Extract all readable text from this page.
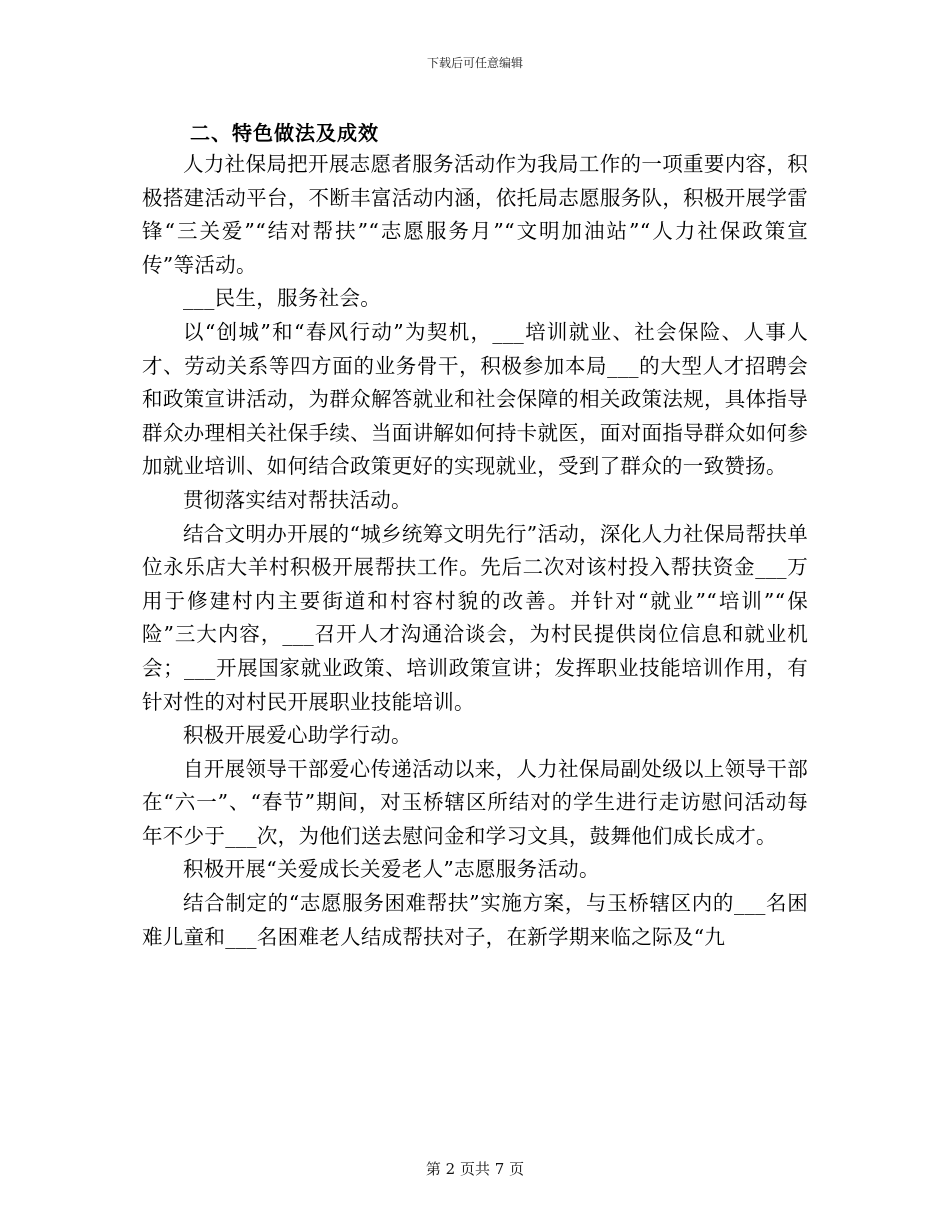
下载后可任意编辑
二、特色做法及成效

人力社保局把开展志愿者服务活动作为我局工作的一项重要内容，积极搭建活动平台，不断丰富活动内涵，依托局志愿服务队，积极开展学雷锋“三关爱”“结对帮扶”“志愿服务月”“文明加油站”“人力社保政策宣传”等活动。

___民生，服务社会。

以“创城”和“春风行动”为契机，___培训就业、社会保险、人事人才、劳动关系等四方面的业务骨干，积极参加本局___的大型人才招聘会和政策宣讲活动，为群众解答就业和社会保障的相关政策法规，具体指导群众办理相关社保手续、当面讲解如何持卡就医，面对面指导群众如何参加就业培训、如何结合政策更好的实现就业，受到了群众的一致赞扬。

贯彻落实结对帮扶活动。

结合文明办开展的“城乡统筹文明先行”活动，深化人力社保局帮扶单位永乐店大羊村积极开展帮扶工作。先后二次对该村投入帮扶资金___万用于修建村内主要街道和村容村貌的改善。并针对“就业”“培训”“保险”三大内容，___召开人才沟通洽谈会，为村民提供岗位信息和就业机会；___开展国家就业政策、培训政策宣讲；发挥职业技能培训作用，有针对性的对村民开展职业技能培训。

积极开展爱心助学行动。

自开展领导干部爱心传递活动以来，人力社保局副处级以上领导干部在“六一”、“春节”期间，对玉桥辖区所结对的学生进行走访慰问活动每年不少于___次，为他们送去慰问金和学习文具，鼓舞他们成长成才。

积极开展“关爱成长关爱老人”志愿服务活动。

结合制定的“志愿服务困难帮扶”实施方案，与玉桥辖区内的___名困难儿童和___名困难老人结成帮扶对子，在新学期来临之际及“九

第 2 页共 7 页
